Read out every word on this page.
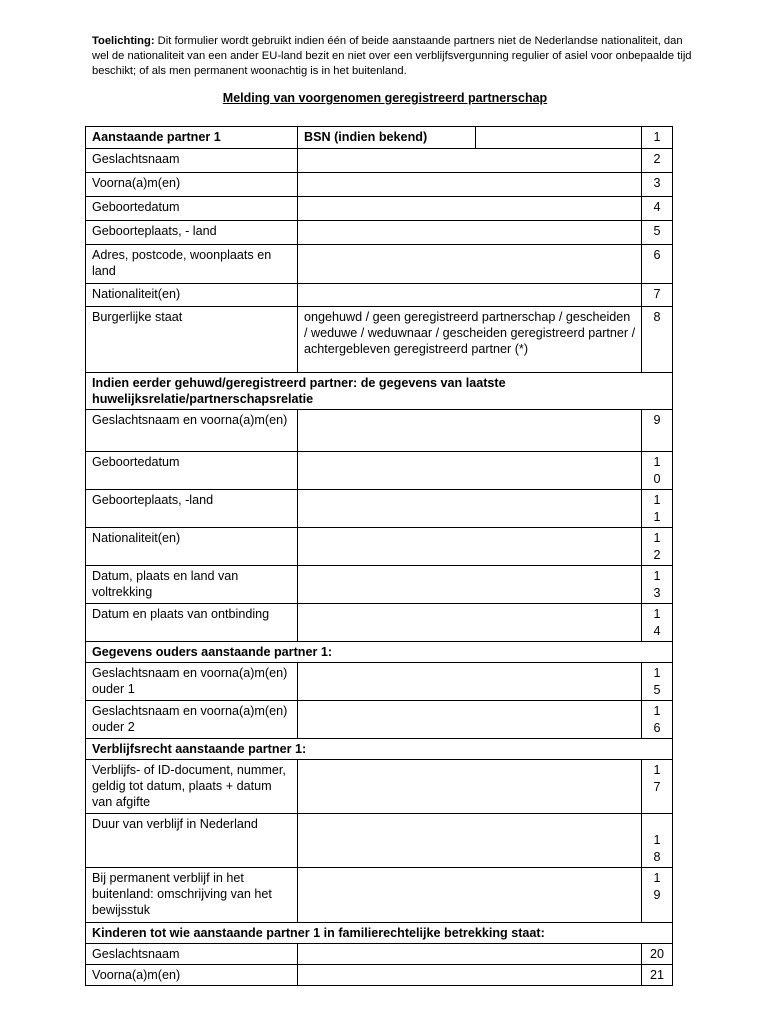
Toelichting: Dit formulier wordt gebruikt indien één of beide aanstaande partners niet de Nederlandse nationaliteit, dan wel de nationaliteit van een ander EU-land bezit en niet over een verblijfsvergunning regulier of asiel voor onbepaalde tijd beschikt; of als men permanent woonachtig is in het buitenland.
Melding van voorgenomen geregistreerd partnerschap
Aanstaande partner 1	BSN (indien bekend)		1
Geslachtsnaam			2
Voorna(a)m(en)			3
Geboortedatum			4
Geboorteplaats, - land			5
Adres, postcode, woonplaats en land			6
Nationaliteit(en)			7
Burgerlijke staat	ongehuwd / geen geregistreerd partnerschap / gescheiden / weduwe / weduwnaar / gescheiden geregistreerd partner / achtergebleven geregistreerd partner (*)		8
Indien eerder gehuwd/geregistreerd partner: de gegevens van laatste huwelijksrelatie/partnerschapsrelatie			
Geslachtsnaam en voorna(a)m(en)			9
Geboortedatum			10
Geboorteplaats, -land			11
Nationaliteit(en)			12
Datum, plaats en land van voltrekking			13
Datum en plaats van ontbinding			14
Gegevens ouders aanstaande partner 1:			
Geslachtsnaam en voorna(a)m(en) ouder 1			15
Geslachtsnaam en voorna(a)m(en) ouder 2			16
Verblijfsrecht aanstaande partner 1:			
Verblijfs- of ID-document, nummer, geldig tot datum, plaats + datum van afgifte			17
Duur van verblijf in Nederland			18
Bij permanent verblijf in het buitenland: omschrijving van het bewijsstuk			19
Kinderen tot wie aanstaande partner 1 in familierechtelijke betrekking staat:			
Geslachtsnaam			20
Voorna(a)m(en)			21
